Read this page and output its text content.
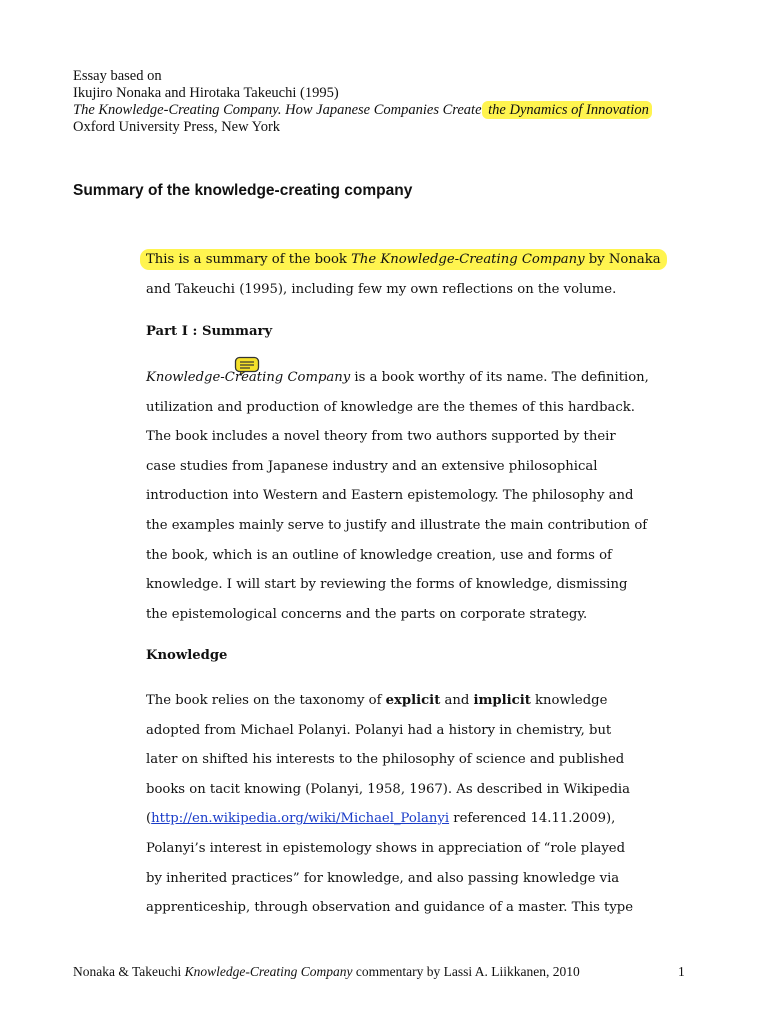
Essay based on
Ikujiro Nonaka and Hirotaka Takeuchi (1995)
The Knowledge-Creating Company. How Japanese Companies Create the Dynamics of Innovation
Oxford University Press, New York
Summary of the knowledge-creating company
This is a summary of the book The Knowledge-Creating Company by Nonaka
and Takeuchi (1995), including few my own reflections on the volume.
Part I : Summary
Knowledge-Creating Company is a book worthy of its name. The definition,
utilization and production of knowledge are the themes of this hardback.
The book includes a novel theory from two authors supported by their
case studies from Japanese industry and an extensive philosophical
introduction into Western and Eastern epistemology. The philosophy and
the examples mainly serve to justify and illustrate the main contribution of
the book, which is an outline of knowledge creation, use and forms of
knowledge. I will start by reviewing the forms of knowledge, dismissing
the epistemological concerns and the parts on corporate strategy.
Knowledge
The book relies on the taxonomy of explicit and implicit knowledge
adopted from Michael Polanyi. Polanyi had a history in chemistry, but
later on shifted his interests to the philosophy of science and published
books on tacit knowing (Polanyi, 1958, 1967). As described in Wikipedia
(http://en.wikipedia.org/wiki/Michael_Polanyi referenced 14.11.2009),
Polanyi’s interest in epistemology shows in appreciation of “role played
by inherited practices” for knowledge, and also passing knowledge via
apprenticeship, through observation and guidance of a master. This type
Nonaka & Takeuchi Knowledge-Creating Company commentary by Lassi A. Liikkanen, 2010	1
